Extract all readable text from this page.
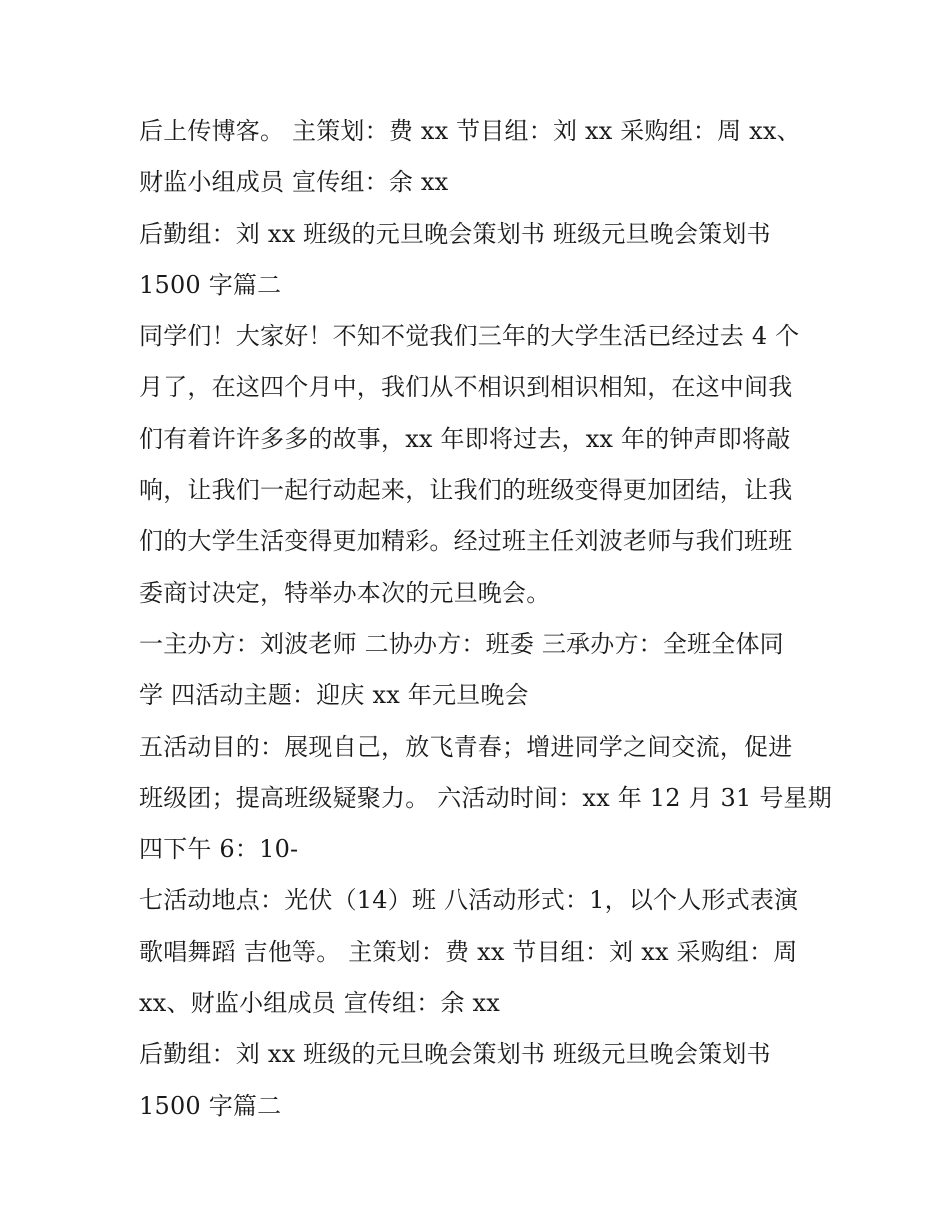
后上传博客。 主策划：费 xx 节目组：刘 xx 采购组：周 xx、
财监小组成员 宣传组：余 xx
后勤组：刘 xx 班级的元旦晚会策划书 班级元旦晚会策划书
1500 字篇二
同学们！大家好！不知不觉我们三年的大学生活已经过去 4 个
月了，在这四个月中，我们从不相识到相识相知，在这中间我
们有着许许多多的故事，xx 年即将过去，xx 年的钟声即将敲
响，让我们一起行动起来，让我们的班级变得更加团结，让我
们的大学生活变得更加精彩。经过班主任刘波老师与我们班班
委商讨决定，特举办本次的元旦晚会。
一主办方：刘波老师 二协办方：班委 三承办方：全班全体同
学 四活动主题：迎庆 xx 年元旦晚会
五活动目的：展现自己，放飞青春；增进同学之间交流，促进
班级团；提高班级疑聚力。 六活动时间：xx 年 12 月 31 号星期
四下午 6：10-
七活动地点：光伏（14）班 八活动形式：1，以个人形式表演
歌唱舞蹈 吉他等。 主策划：费 xx 节目组：刘 xx 采购组：周
xx、财监小组成员 宣传组：余 xx
后勤组：刘 xx 班级的元旦晚会策划书 班级元旦晚会策划书
1500 字篇二
